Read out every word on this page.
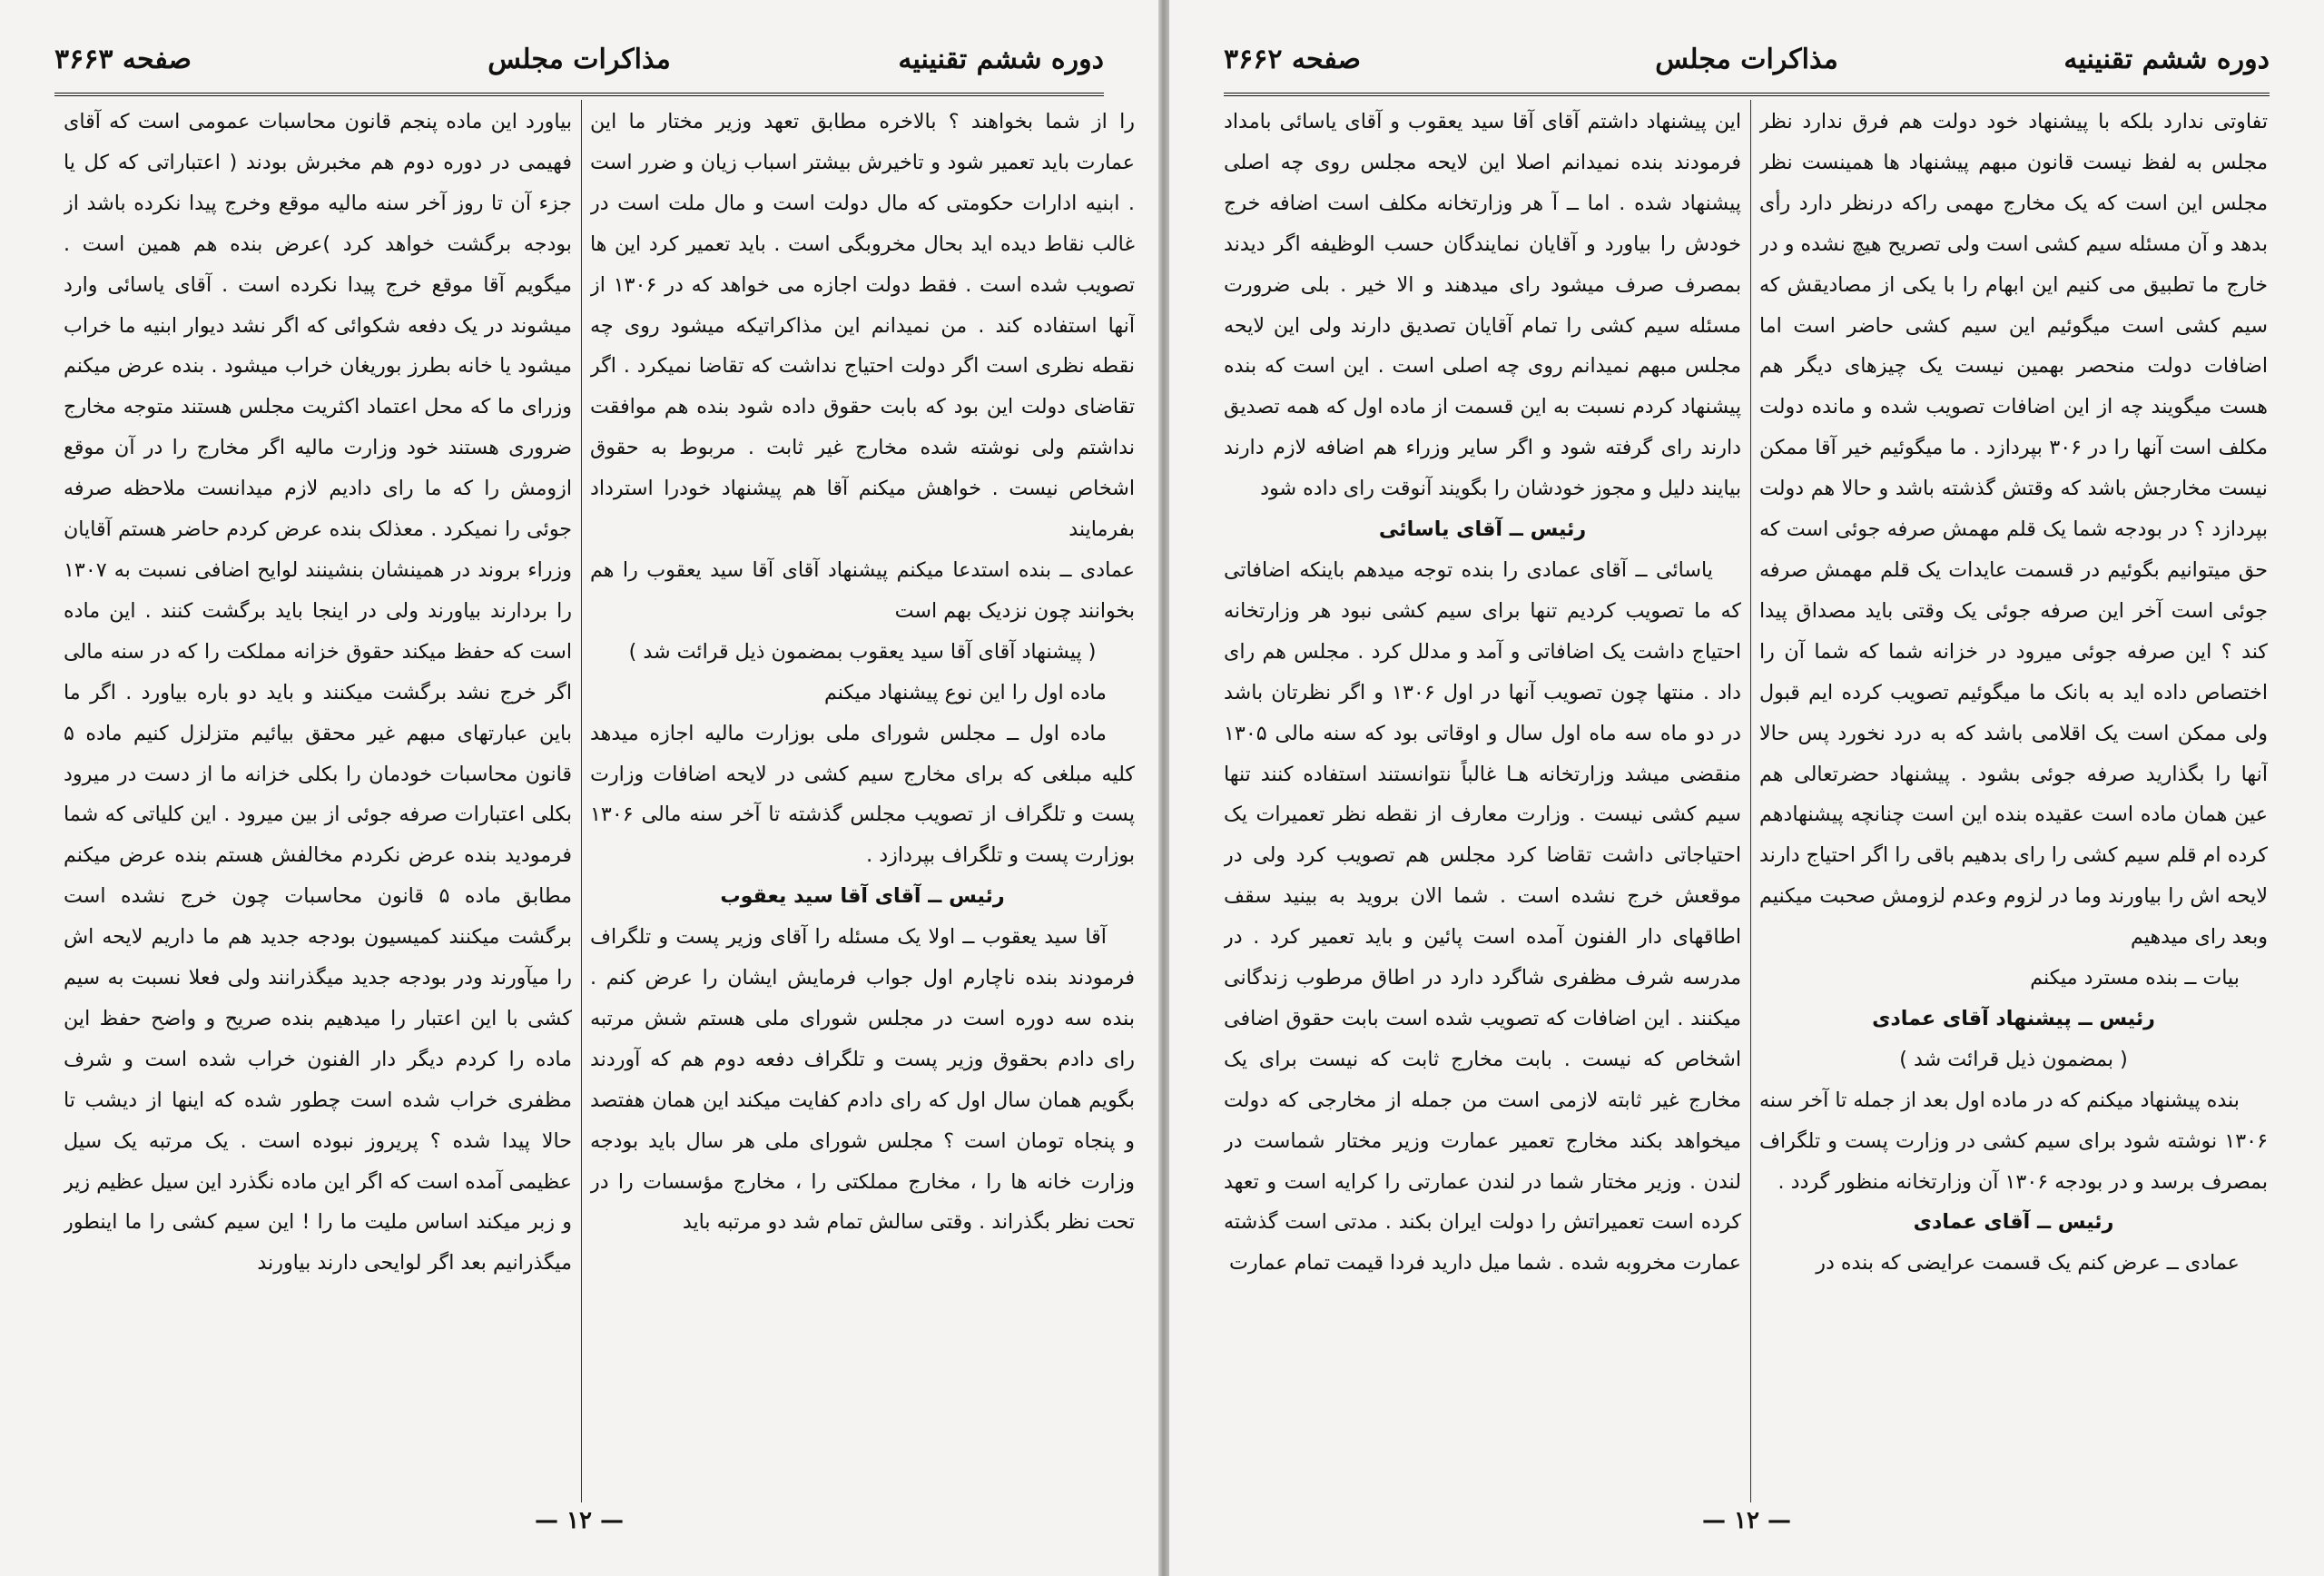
دوره ششم تقنینیه
مذاکرات مجلس
صفحه ۳۶۶۳

را از شما بخواهند ؟ بالاخره مطابق تعهد وزیر مختار ما این عمارت باید تعمیر شود و تاخیرش بیشتر اسباب زیان و ضرر است . ابنیه ادارات حکومتی که مال دولت است و مال ملت است در غالب نقاط دیده اید بحال مخروبگی است . باید تعمیر کرد این ها تصویب شده است . فقط دولت اجازه می خواهد که در ۱۳۰۶ از آنها استفاده کند . من نمیدانم این مذاکراتیکه میشود روی چه نقطه نظری است اگر دولت احتیاج نداشت که تقاضا نمیکرد . اگر تقاضای دولت این بود که بابت حقوق داده شود بنده هم موافقت نداشتم ولی نوشته شده مخارج غیر ثابت . مربوط به حقوق اشخاص نیست . خواهش میکنم آقا هم پیشنهاد خودرا استرداد بفرمایند

عمادی ــ بنده استدعا میکنم پیشنهاد آقای آقا سید یعقوب را هم بخوانند چون نزدیک بهم است

( پیشنهاد آقای آقا سید یعقوب بمضمون ذیل قرائت شد )

ماده اول را این نوع پیشنهاد میکنم

ماده اول ــ مجلس شورای ملی بوزارت مالیه اجازه میدهد کلیه مبلغی که برای مخارج سیم کشی در لایحه اضافات وزارت پست و تلگراف از تصویب مجلس گذشته تا آخر سنه مالی ۱۳۰۶ بوزارت پست و تلگراف بپردازد .

رئیس ــ آقای آقا سید یعقوب

آقا سید یعقوب ــ اولا یک مسئله را آقای وزیر پست و تلگراف فرمودند بنده ناچارم اول جواب فرمایش ایشان را عرض کنم . بنده سه دوره است در مجلس شورای ملی هستم شش مرتبه رای دادم بحقوق وزیر پست و تلگراف دفعه دوم هم که آوردند بگویم همان سال اول که رای دادم کفایت میکند این همان هفتصد و پنجاه تومان است ؟ مجلس شورای ملی هر سال باید بودجه وزارت خانه ها را ، مخارج مملکتی را ، مخارج مؤسسات را در تحت نظر بگذراند . وقتی سالش تمام شد دو مرتبه باید

بیاورد این ماده پنجم قانون محاسبات عمومی است که آقای فهیمی در دوره دوم هم مخبرش بودند ( اعتباراتی که کل یا جزء آن تا روز آخر سنه مالیه موقع وخرج پیدا نکرده باشد از بودجه برگشت خواهد کرد )عرض بنده هم همین است . میگویم آقا موقع خرج پیدا نکرده است . آقای یاسائی وارد میشوند در یک دفعه شکوائی که اگر نشد دیوار ابنیه ما خراب میشود یا خانه بطرز بوریغان خراب میشود . بنده عرض میکنم وزرای ما که محل اعتماد اکثریت مجلس هستند متوجه مخارج ضروری هستند خود وزارت مالیه اگر مخارج را در آن موقع ازومش را که ما رای دادیم لازم میدانست ملاحظه صرفه جوئی را نمیکرد . معذلک بنده عرض کردم حاضر هستم آقایان وزراء بروند در همینشان بنشینند لوایح اضافی نسبت به ۱۳۰۷ را بردارند بیاورند ولی در اینجا باید برگشت کنند . این ماده است که حفظ میکند حقوق خزانه مملکت را که در سنه مالی اگر خرج نشد برگشت میکنند و باید دو باره بیاورد . اگر ما باین عبارتهای مبهم غیر محقق بیائیم متزلزل کنیم ماده ۵ قانون محاسبات خودمان را بکلی خزانه ما از دست در میرود بکلی اعتبارات صرفه جوئی از بین میرود . این کلیاتی که شما فرمودید بنده عرض نکردم مخالفش هستم بنده عرض میکنم مطابق ماده ۵ قانون محاسبات چون خرج نشده است برگشت میکنند کمیسیون بودجه جدید هم ما داریم لایحه اش را میآورند ودر بودجه جدید میگذرانند ولی فعلا نسبت به سیم کشی با این اعتبار را میدهیم بنده صریح و واضح حفظ این ماده را کردم دیگر دار الفنون خراب شده است و شرف مظفری خراب شده است چطور شده که اینها از دیشب تا حالا پیدا شده ؟ پریروز نبوده است . یک مرتبه یک سیل عظیمی آمده است که اگر این ماده نگذرد این سیل عظیم زیر و زبر میکند اساس ملیت ما را ! این سیم کشی را ما اینطور میگذرانیم بعد اگر لوایحی دارند بیاورند

— ۱۲ —
دوره ششم تقنینیه
مذاکرات مجلس
صفحه ۳۶۶۲

تفاوتی ندارد بلکه با پیشنهاد خود دولت هم فرق ندارد نظر مجلس به لفظ نیست قانون مبهم پیشنهاد ها همینست نظر مجلس این است که یک مخارج مهمی راکه درنظر دارد رأی بدهد و آن مسئله سیم کشی است ولی تصریح هیچ نشده و در خارج ما تطبیق می کنیم این ابهام را با یکی از مصادیقش که سیم کشی است میگوئیم این سیم کشی حاضر است اما اضافات دولت منحصر بهمین نیست یک چیزهای دیگر هم هست میگویند چه از این اضافات تصویب شده و مانده دولت مکلف است آنها را در ۳۰۶ بپردازد . ما میگوئیم خیر آقا ممکن نیست مخارجش باشد که وقتش گذشته باشد و حالا هم دولت بپردازد ؟ در بودجه شما یک قلم مهمش صرفه جوئی است که حق میتوانیم بگوئیم در قسمت عایدات یک قلم مهمش صرفه جوئی است آخر این صرفه جوئی یک وقتی باید مصداق پیدا کند ؟ این صرفه جوئی میرود در خزانه شما که شما آن را اختصاص داده اید به بانک ما میگوئیم تصویب کرده ایم قبول ولی ممکن است یک اقلامی باشد که به درد نخورد پس حالا آنها را بگذارید صرفه جوئی بشود . پیشنهاد حضرتعالی هم عین همان ماده است عقیده بنده این است چنانچه پیشنهادهم کرده ام قلم سیم کشی را رای بدهیم باقی را اگر احتیاج دارند لایحه اش را بیاورند وما در لزوم وعدم لزومش صحبت میکنیم وبعد رای میدهیم

بیات ــ بنده مسترد میکنم

رئیس ــ پیشنهاد آقای عمادی

( بمضمون ذیل قرائت شد )

بنده پیشنهاد میکنم که در ماده اول بعد از جمله تا آخر سنه ۱۳۰۶ نوشته شود برای سیم کشی در وزارت پست و تلگراف بمصرف برسد و در بودجه ۱۳۰۶ آن وزارتخانه منظور گردد .

رئیس ــ آقای عمادی

عمادی ــ عرض کنم یک قسمت عرایضی که بنده در

این پیشنهاد داشتم آقای آقا سید یعقوب و آقای یاسائی بامداد فرمودند بنده نمیدانم اصلا این لایحه مجلس روی چه اصلی پیشنهاد شده . اما ــ آ هر وزارتخانه مکلف است اضافه خرج خودش را بیاورد و آقایان نمایندگان حسب الوظیفه اگر دیدند بمصرف صرف میشود رای میدهند و الا خیر . بلی ضرورت مسئله سیم کشی را تمام آقایان تصدیق دارند ولی این لایحه مجلس مبهم نمیدانم روی چه اصلی است . این است که بنده پیشنهاد کردم نسبت به این قسمت از ماده اول که همه تصدیق دارند رای گرفته شود و اگر سایر وزراء هم اضافه لازم دارند بیایند دلیل و مجوز خودشان را بگویند آنوقت رای داده شود

رئیس ــ آقای یاسائی

یاسائی ــ آقای عمادی را بنده توجه میدهم باینکه اضافاتی که ما تصویب کردیم تنها برای سیم کشی نبود هر وزارتخانه احتیاج داشت یک اضافاتی و آمد و مدلل کرد . مجلس هم رای داد . منتها چون تصویب آنها در اول ۱۳۰۶ و اگر نظرتان باشد در دو ماه سه ماه اول سال و اوقاتی بود که سنه مالی ۱۳۰۵ منقضی میشد وزارتخانه هـا غالباً نتوانستند استفاده کنند تنها سیم کشی نیست . وزارت معارف از نقطه نظر تعمیرات یک احتیاجاتی داشت تقاضا کرد مجلس هم تصویب کرد ولی در موقعش خرج نشده است . شما الان بروید به بینید سقف اطاقهای دار الفنون آمده است پائین و باید تعمیر کرد . در مدرسه شرف مظفری شاگرد دارد در اطاق مرطوب زندگانی میکنند . این اضافات که تصویب شده است بابت حقوق اضافی اشخاص که نیست . بابت مخارج ثابت که نیست برای یک مخارج غیر ثابته لازمی است من جمله از مخارجی که دولت میخواهد بکند مخارج تعمیر عمارت وزیر مختار شماست در لندن . وزیر مختار شما در لندن عمارتی را کرایه است و تعهد کرده است تعمیراتش را دولت ایران بکند . مدتی است گذشته عمارت مخروبه شده . شما میل دارید فردا قیمت تمام عمارت

— ۱۲ —
